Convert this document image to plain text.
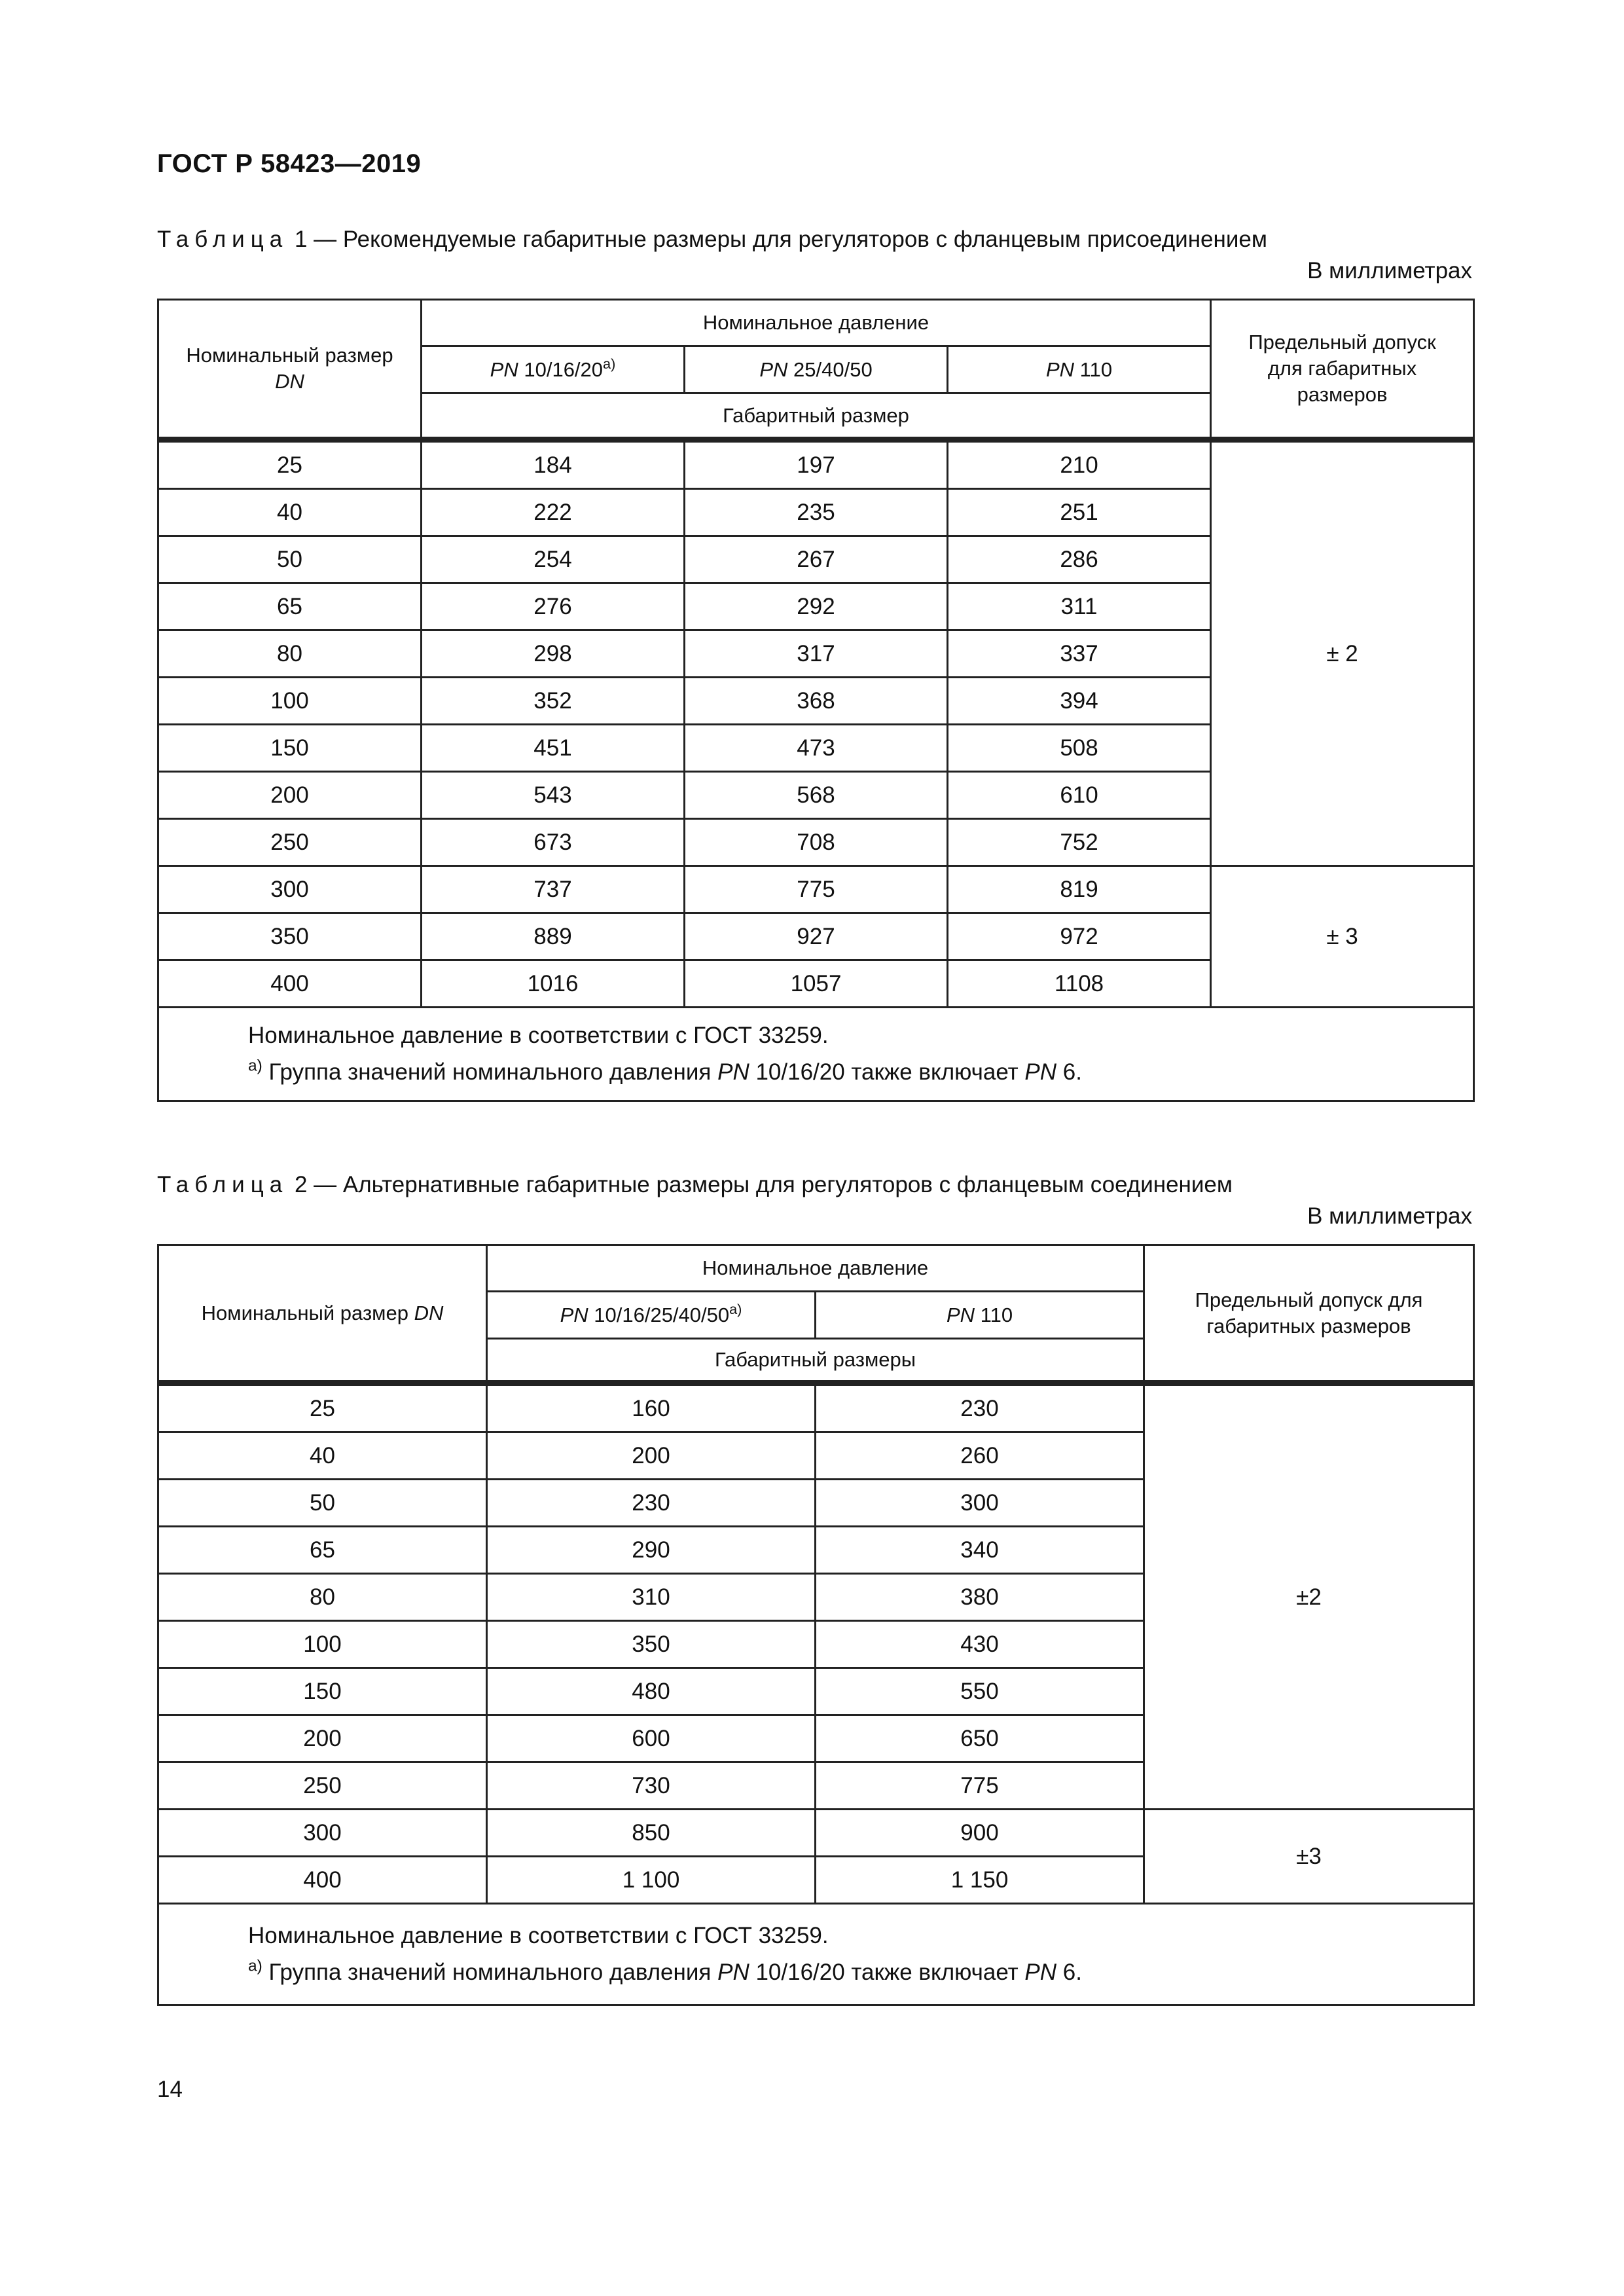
ГОСТ Р 58423—2019
Таблица 1 — Рекомендуемые габаритные размеры для регуляторов с фланцевым присоединением
В миллиметрах
Номинальный размер
DN	Номинальное давление			Предельный допуск для габаритных размеров
	PN 10/16/20$^{a)}$	PN 25/40/50	PN 110	
	Габаритный размер			
25	184	197	210	± 2
40	222	235	251	
50	254	267	286	
65	276	292	311	
80	298	317	337	
100	352	368	394	
150	451	473	508	
200	543	568	610	
250	673	708	752	
300	737	775	819	± 3
350	889	927	972	
400	1016	1057	1108	

Номинальное давление в соответствии с ГОСТ 33259.
$^{a)}$ Группа значений номинального давления PN 10/16/20 также включает PN 6.				
Таблица 2 — Альтернативные габаритные размеры для регуляторов с фланцевым соединением
В миллиметрах
Номинальный размер DN	Номинальное давление		Предельный допуск для габаритных размеров
	PN 10/16/25/40/50$^{a)}$	PN 110	
	Габаритный размеры		
25	160	230	±2
40	200	260	
50	230	300	
65	290	340	
80	310	380	
100	350	430	
150	480	550	
200	600	650	
250	730	775	
300	850	900	±3
400	1 100	1 150	

Номинальное давление в соответствии с ГОСТ 33259.
$^{a)}$ Группа значений номинального давления PN 10/16/20 также включает PN 6.			
14
